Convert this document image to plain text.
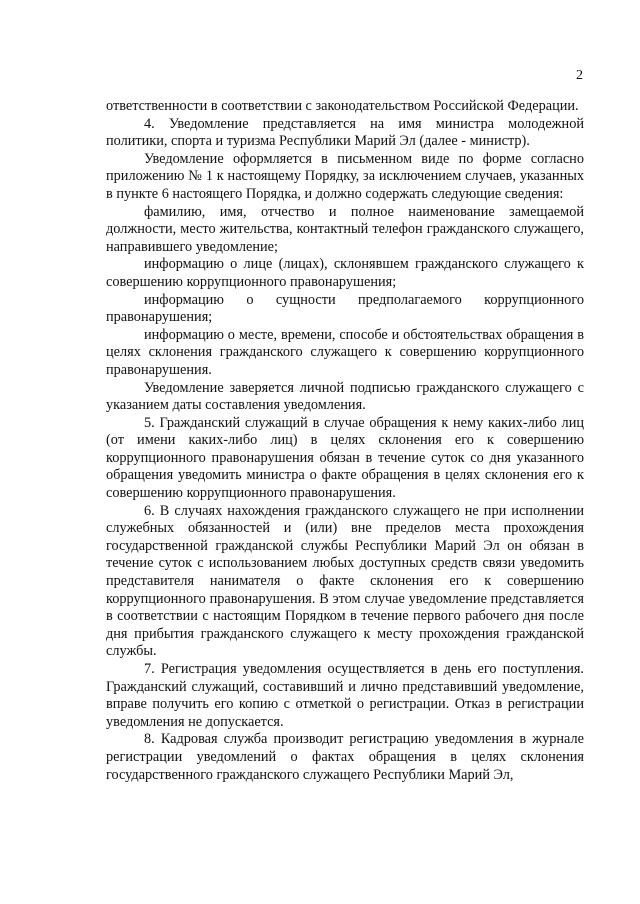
2

ответственности в соответствии с законодательством Российской Федерации.

4. Уведомление представляется на имя министра молодежной политики, спорта и туризма Республики Марий Эл (далее - министр).

Уведомление оформляется в письменном виде по форме согласно приложению № 1 к настоящему Порядку, за исключением случаев, указанных в пункте 6 настоящего Порядка, и должно содержать следующие сведения:

фамилию, имя, отчество и полное наименование замещаемой должности, место жительства, контактный телефон гражданского служащего, направившего уведомление;

информацию о лице (лицах), склонявшем гражданского служащего к совершению коррупционного правонарушения;

информацию о сущности предполагаемого коррупционного правонарушения;

информацию о месте, времени, способе и обстоятельствах обращения в целях склонения гражданского служащего к совершению коррупционного правонарушения.

Уведомление заверяется личной подписью гражданского служащего с указанием даты составления уведомления.

5. Гражданский служащий в случае обращения к нему каких-либо лиц (от имени каких-либо лиц) в целях склонения его к совершению коррупционного правонарушения обязан в течение суток со дня указанного обращения уведомить министра о факте обращения в целях склонения его к совершению коррупционного правонарушения.

6. В случаях нахождения гражданского служащего не при исполнении служебных обязанностей и (или) вне пределов места прохождения государственной гражданской службы Республики Марий Эл он обязан в течение суток с использованием любых доступных средств связи уведомить представителя нанимателя о факте склонения его к совершению коррупционного правонарушения. В этом случае уведомление представляется в соответствии с настоящим Порядком в течение первого рабочего дня после дня прибытия гражданского служащего к месту прохождения гражданской службы.

7. Регистрация уведомления осуществляется в день его поступления. Гражданский служащий, составивший и лично представивший уведомление, вправе получить его копию с отметкой о регистрации. Отказ в регистрации уведомления не допускается.

8. Кадровая служба производит регистрацию уведомления в журнале регистрации уведомлений о фактах обращения в целях склонения государственного гражданского служащего Республики Марий Эл,
